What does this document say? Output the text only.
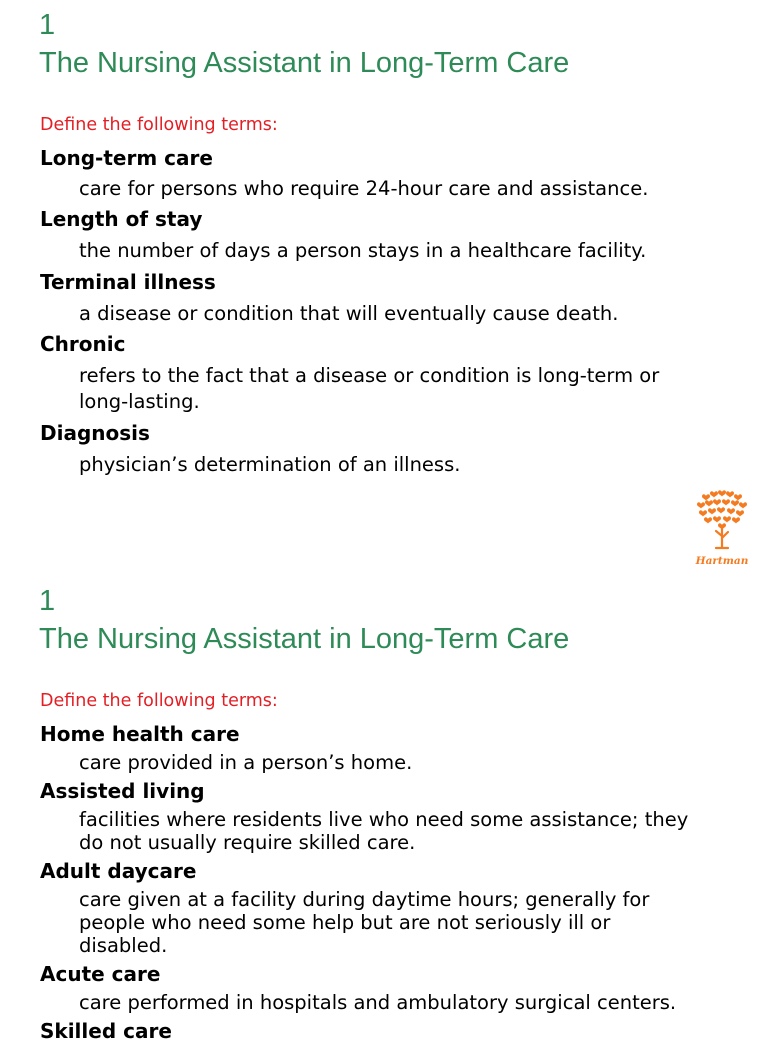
1
The Nursing Assistant in Long-Term Care
Define the following terms:
Long-term care
care for persons who require 24-hour care and assistance.
Length of stay
the number of days a person stays in a healthcare facility.
Terminal illness
a disease or condition that will eventually cause death.
Chronic
refers to the fact that a disease or condition is long-term or
long-lasting.
Diagnosis
physician’s determination of an illness.
Hartman
1
The Nursing Assistant in Long-Term Care
Define the following terms:
Home health care
care provided in a person’s home.
Assisted living
facilities where residents live who need some assistance; they
do not usually require skilled care.
Adult daycare
care given at a facility during daytime hours; generally for
people who need some help but are not seriously ill or
disabled.
Acute care
care performed in hospitals and ambulatory surgical centers.
Skilled care
